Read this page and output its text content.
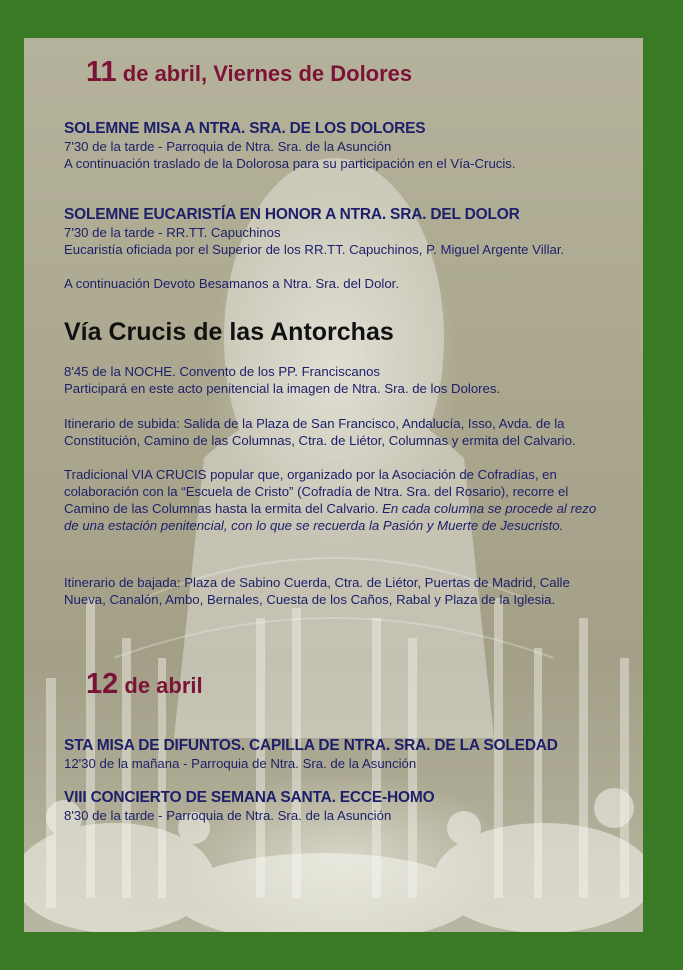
11 de abril, Viernes de Dolores
SOLEMNE MISA A NTRA. SRA. DE LOS DOLORES
7'30 de la tarde - Parroquia de Ntra. Sra. de la Asunción
A continuación traslado de la Dolorosa para su participación en el Vía-Crucis.
SOLEMNE EUCARISTÍA EN HONOR A NTRA. SRA. DEL DOLOR
7'30 de la tarde - RR.TT. Capuchinos
Eucaristía oficiada por el Superior de los RR.TT. Capuchinos, P. Miguel Argente Villar.
A continuación Devoto Besamanos a Ntra. Sra. del Dolor.
Vía Crucis de las Antorchas
8'45 de la NOCHE. Convento de los PP. Franciscanos
Participará en este acto penitencial la imagen de Ntra. Sra. de los Dolores.
Itinerario de subida: Salida de la Plaza de San Francisco, Andalucía, Isso, Avda. de la Constitución, Camino de las Columnas, Ctra. de Liétor, Columnas y ermita del Calvario.
Tradicional VIA CRUCIS popular que, organizado por la Asociación de Cofradías, en colaboración con la “Escuela de Cristo” (Cofradía de Ntra. Sra. del Rosario), recorre el Camino de las Columnas hasta la ermita del Calvario. En cada columna se procede al rezo de una estación penitencial, con lo que se recuerda la Pasión y Muerte de Jesucristo.
Itinerario de bajada: Plaza de Sabino Cuerda, Ctra. de Liétor, Puertas de Madrid, Calle Nueva, Canalón, Ambo, Bernales, Cuesta de los Caños, Rabal y Plaza de la Iglesia.
12 de abril
STA MISA DE DIFUNTOS. CAPILLA DE NTRA. SRA. DE LA SOLEDAD
12'30 de la mañana - Parroquia de Ntra. Sra. de la Asunción
VIII CONCIERTO DE SEMANA SANTA. ECCE-HOMO
8'30 de la tarde - Parroquia de Ntra. Sra. de la Asunción
